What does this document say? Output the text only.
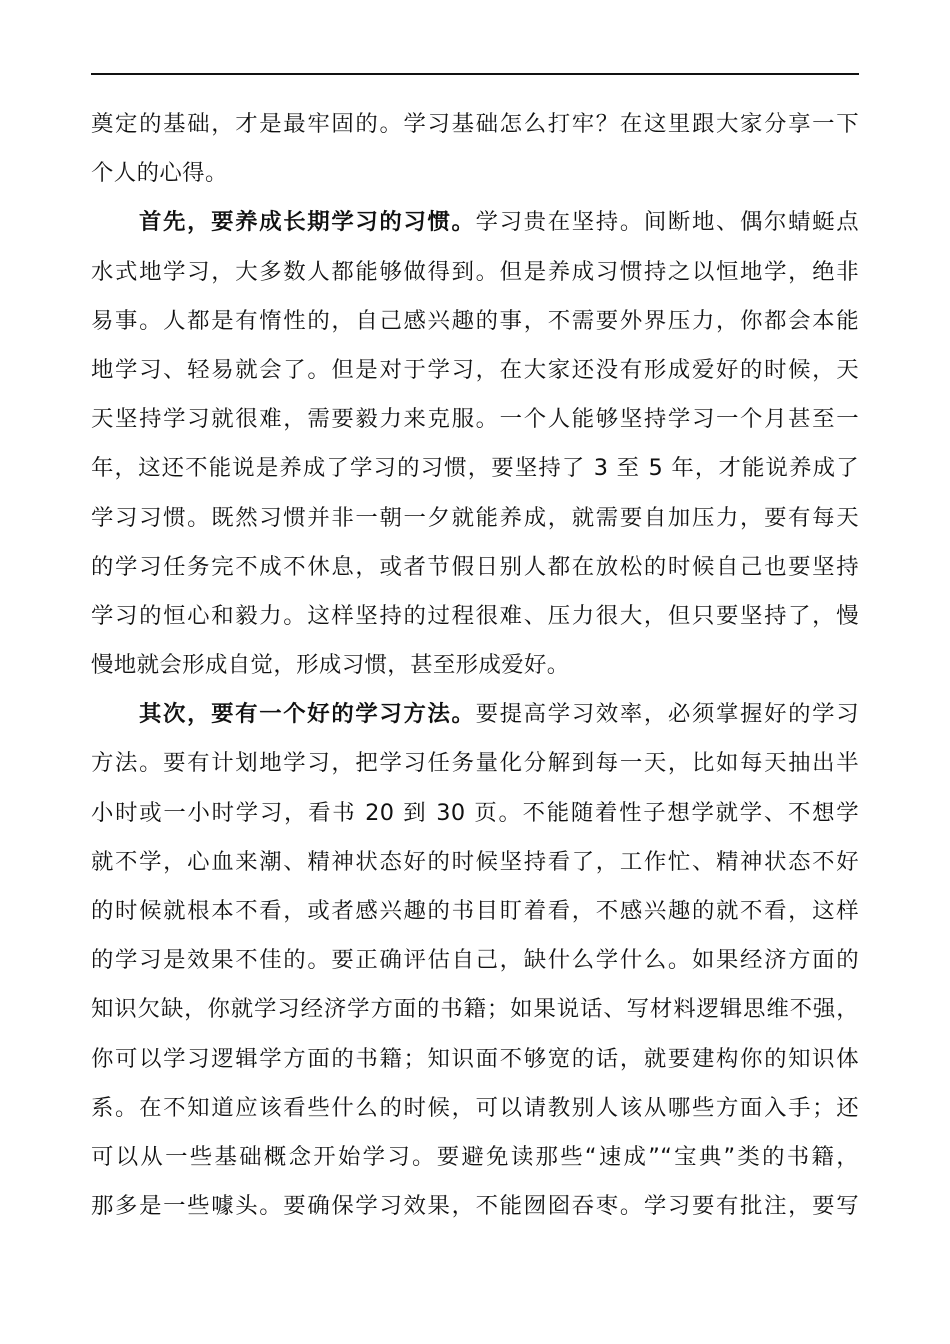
奠定的基础，才是最牢固的。学习基础怎么打牢？在这里跟大家分享一下
个人的心得。
首先，要养成长期学习的习惯。学习贵在坚持。间断地、偶尔蜻蜓点
水式地学习，大多数人都能够做得到。但是养成习惯持之以恒地学，绝非
易事。人都是有惰性的，自己感兴趣的事，不需要外界压力，你都会本能
地学习、轻易就会了。但是对于学习，在大家还没有形成爱好的时候，天
天坚持学习就很难，需要毅力来克服。一个人能够坚持学习一个月甚至一
年，这还不能说是养成了学习的习惯，要坚持了 3 至 5 年，才能说养成了
学习习惯。既然习惯并非一朝一夕就能养成，就需要自加压力，要有每天
的学习任务完不成不休息，或者节假日别人都在放松的时候自己也要坚持
学习的恒心和毅力。这样坚持的过程很难、压力很大，但只要坚持了，慢
慢地就会形成自觉，形成习惯，甚至形成爱好。
其次，要有一个好的学习方法。要提高学习效率，必须掌握好的学习
方法。要有计划地学习，把学习任务量化分解到每一天，比如每天抽出半
小时或一小时学习，看书 20 到 30 页。不能随着性子想学就学、不想学
就不学，心血来潮、精神状态好的时候坚持看了，工作忙、精神状态不好
的时候就根本不看，或者感兴趣的书目盯着看，不感兴趣的就不看，这样
的学习是效果不佳的。要正确评估自己，缺什么学什么。如果经济方面的
知识欠缺，你就学习经济学方面的书籍；如果说话、写材料逻辑思维不强，
你可以学习逻辑学方面的书籍；知识面不够宽的话，就要建构你的知识体
系。在不知道应该看些什么的时候，可以请教别人该从哪些方面入手；还
可以从一些基础概念开始学习。要避免读那些“速成”“宝典”类的书籍，
那多是一些噱头。要确保学习效果，不能囫囵吞枣。学习要有批注，要写
